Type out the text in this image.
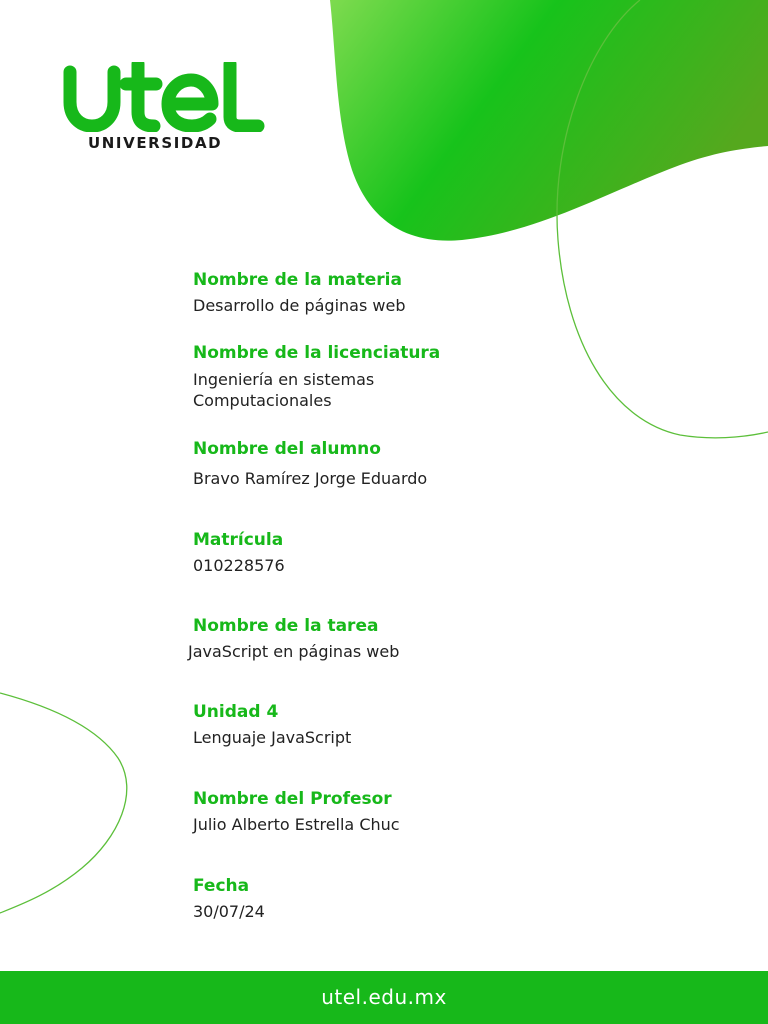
UNIVERSIDAD
Nombre de la materia
Desarrollo de páginas web
Nombre de la licenciatura
Ingeniería en sistemas
Computacionales
Nombre del alumno
Bravo Ramírez Jorge Eduardo
Matrícula
010228576
Nombre de la tarea
JavaScript en páginas web
Unidad 4
Lenguaje JavaScript
Nombre del Profesor
Julio Alberto Estrella Chuc
Fecha
30/07/24
utel.edu.mx
